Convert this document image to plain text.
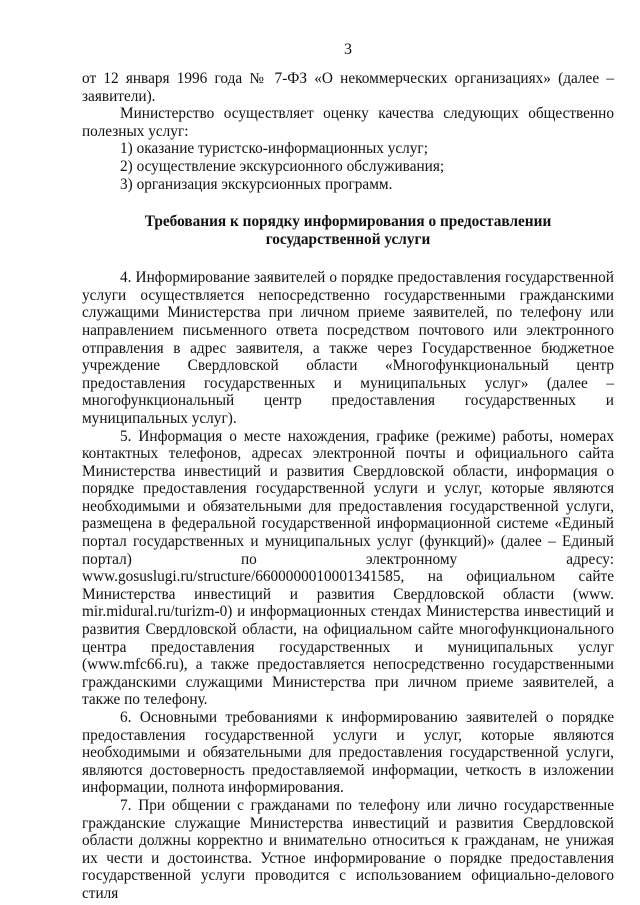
3

от 12 января 1996 года № 7-ФЗ «О некоммерческих организациях» (далее – заявители).

Министерство осуществляет оценку качества следующих общественно полезных услуг:

1) оказание туристско-информационных услуг;
2) осуществление экскурсионного обслуживания;
3) организация экскурсионных программ.
Требования к порядку информирования о предоставлении
государственной услуги

4. Информирование заявителей о порядке предоставления государственной услуги осуществляется непосредственно государственными гражданскими служащими Министерства при личном приеме заявителей, по телефону или направлением письменного ответа посредством почтового или электронного отправления в адрес заявителя, а также через Государственное бюджетное учреждение Свердловской области «Многофункциональный центр предоставления государственных и муниципальных услуг» (далее – многофункциональный центр предоставления государственных и муниципальных услуг).

5. Информация о месте нахождения, графике (режиме) работы, номерах контактных телефонов, адресах электронной почты и официального сайта Министерства инвестиций и развития Свердловской области, информация о порядке предоставления государственной услуги и услуг, которые являются необходимыми и обязательными для предоставления государственной услуги, размещена в федеральной государственной информационной системе «Единый портал государственных и муниципальных услуг (функций)» (далее – Единый портал) по электронному адресу: www.gosuslugi.ru/structure/6600000010001341585, на официальном сайте Министерства инвестиций и развития Свердловской области (www. mir.midural.ru/turizm-0) и информационных стендах Министерства инвестиций и развития Свердловской области, на официальном сайте многофункционального центра предоставления государственных и муниципальных услуг (www.mfc66.ru), а также предоставляется непосредственно государственными гражданскими служащими Министерства при личном приеме заявителей, а также по телефону.

6. Основными требованиями к информированию заявителей о порядке предоставления государственной услуги и услуг, которые являются необходимыми и обязательными для предоставления государственной услуги, являются достоверность предоставляемой информации, четкость в изложении информации, полнота информирования.

7. При общении с гражданами по телефону или лично государственные гражданские служащие Министерства инвестиций и развития Свердловской области должны корректно и внимательно относиться к гражданам, не унижая их чести и достоинства. Устное информирование о порядке предоставления государственной услуги проводится с использованием официально-делового стиля
